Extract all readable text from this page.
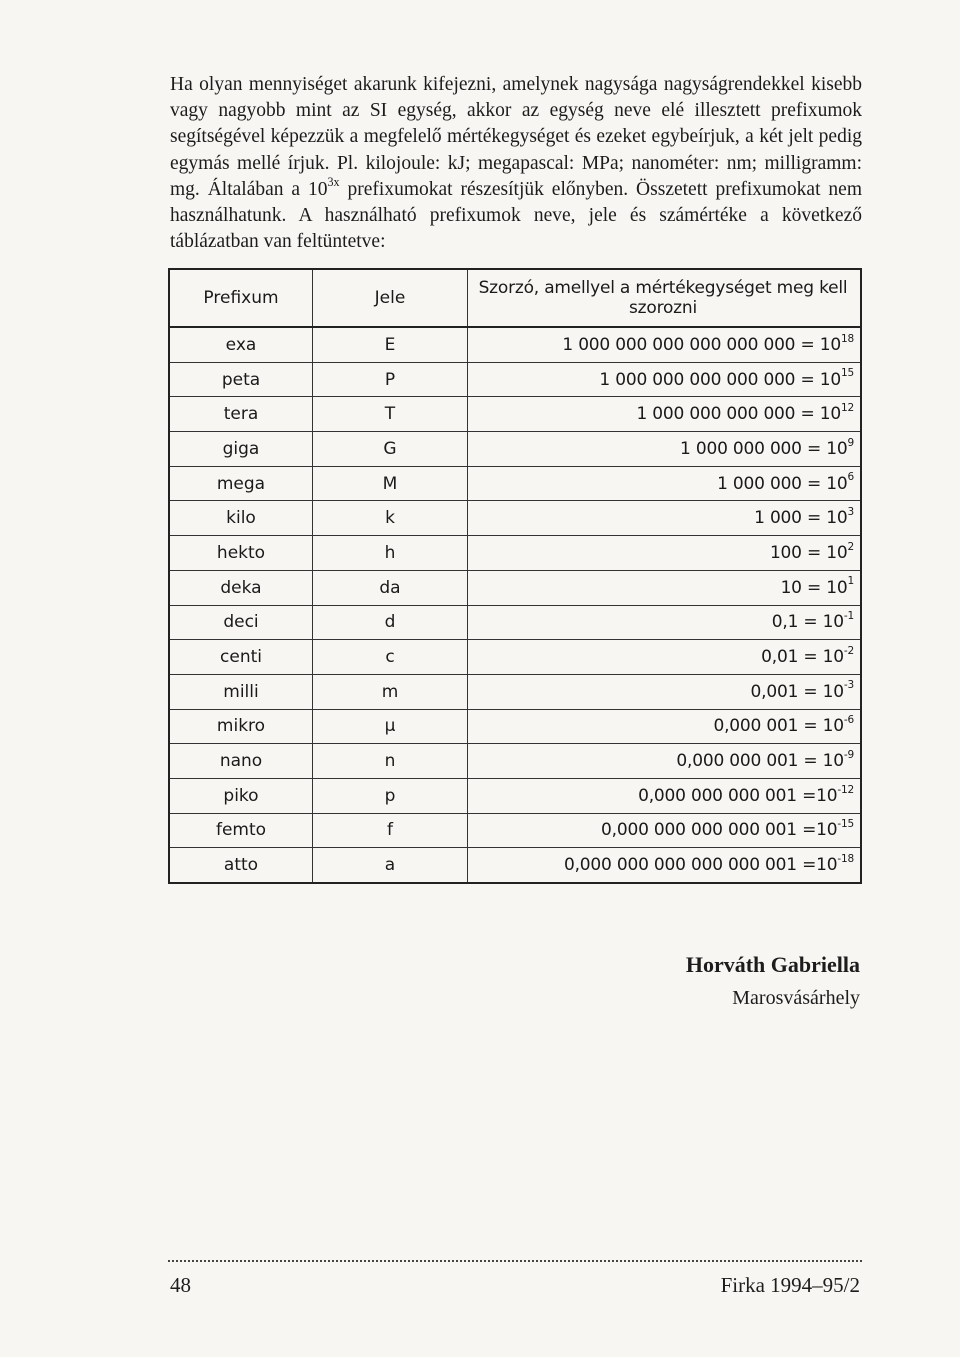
Ha olyan mennyiséget akarunk kifejezni, amelynek nagysága nagyságrendekkel kisebb vagy nagyobb mint az SI egység, akkor az egység neve elé illesztett prefixumok segítségével képezzük a megfelelő mértékegységet és ezeket egybeírjuk, a két jelt pedig egymás mellé írjuk. Pl. kilojoule: kJ; megapascal: MPa; nanométer: nm; milligramm: mg. Általában a $10^{3x}$ prefixumokat részesítjük előnyben. Összetett prefixumokat nem használhatunk. A használható prefixumok neve, jele és számértéke a következő táblázatban van feltüntetve:

Prefixum	Jele	Szorzó, amellyel a mértékegységet meg kell szorozni
exa	E	1 000 000 000 000 000 $000 = 10^{18}$
peta	P	1 000 000 000 000 $000 = 10^{15}$
tera	T	1 000 000 000 $000 = 10^{12}$
giga	G	1 000 000 $000 = 10^9$
mega	M	1 000 $000 = 10^6$
kilo	k	1 $000 = 10^3$
hekto	h	$100 = 10^2$
deka	da	$10 = 10^1$
deci	d	$0,1 = 10^{-1}$
centi	c	$0,01 = 10^{-2}$
milli	m	$0,001 = 10^{-3}$
mikro	μ	0,000 $001 = 10^{-6}$
nano	n	0,000 000 $001 = 10^{-9}$
piko	p	0,000 000 000 $001 =10^{-12}$
femto	f	0,000 000 000 000 $001 =10^{-15}$
atto	a	0,000 000 000 000 000 $001 =10^{-18}$
Horváth Gabriella
Marosvásárhely
48	Firka 1994–95/2
